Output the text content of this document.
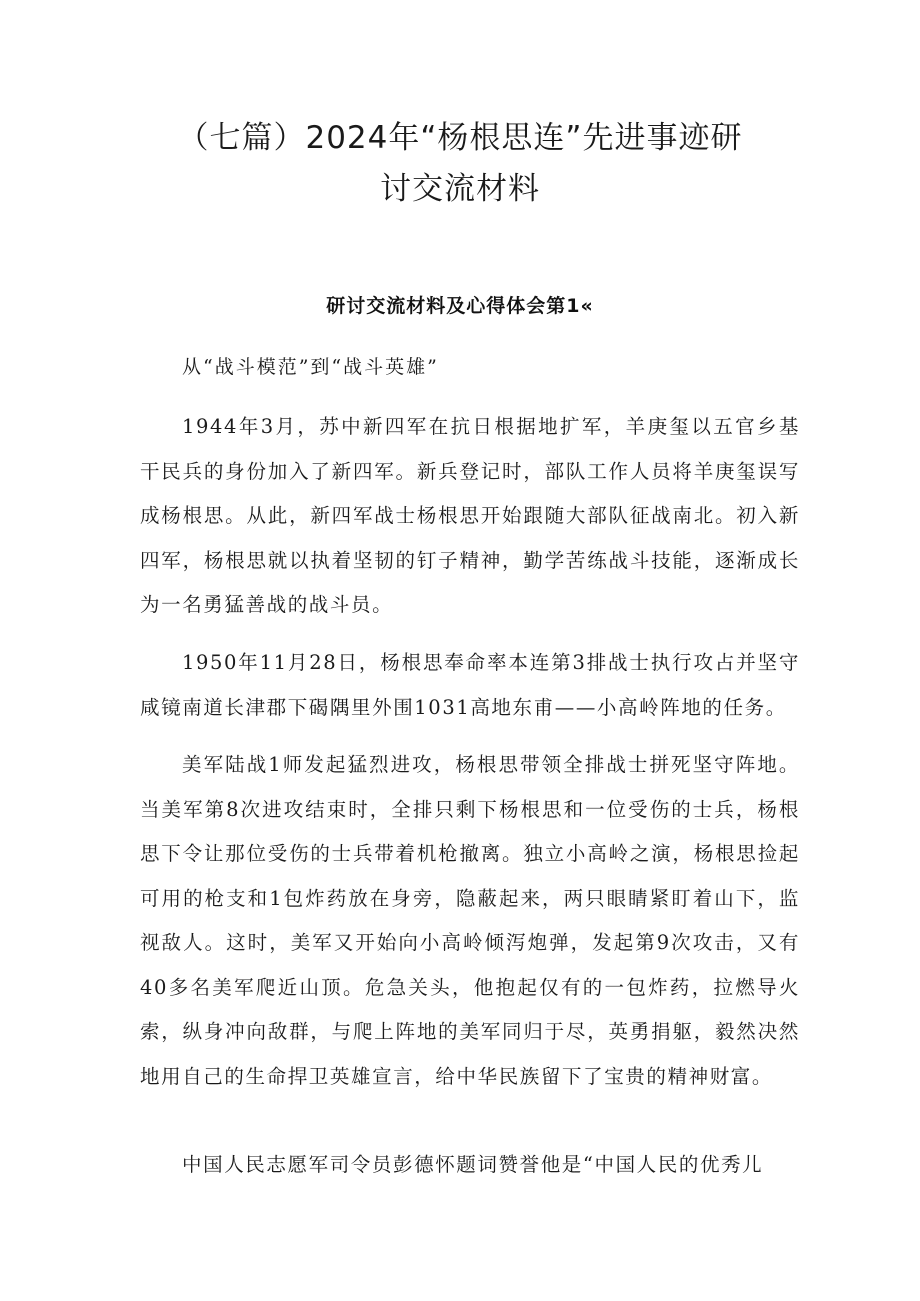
（七篇）2024年“杨根思连”先进事迹研
讨交流材料
研讨交流材料及心得体会第1«
从“战斗模范”到“战斗英雄”

1944年3月，苏中新四军在抗日根据地扩军，羊庚玺以五官乡基干民兵的身份加入了新四军。新兵登记时，部队工作人员将羊庚玺误写成杨根思。从此，新四军战士杨根思开始跟随大部队征战南北。初入新四军，杨根思就以执着坚韧的钉子精神，勤学苦练战斗技能，逐渐成长为一名勇猛善战的战斗员。

1950年11月28日，杨根思奉命率本连第3排战士执行攻占并坚守咸镜南道长津郡下碣隅里外围1031高地东甫——小高岭阵地的任务。

美军陆战1师发起猛烈进攻，杨根思带领全排战士拼死坚守阵地。当美军第8次进攻结束时，全排只剩下杨根思和一位受伤的士兵，杨根思下令让那位受伤的士兵带着机枪撤离。独立小高岭之演，杨根思捡起可用的枪支和1包炸药放在身旁，隐蔽起来，两只眼睛紧盯着山下，监视敌人。这时，美军又开始向小高岭倾泻炮弹，发起第9次攻击，又有40多名美军爬近山顶。危急关头，他抱起仅有的一包炸药，拉燃导火索，纵身冲向敌群，与爬上阵地的美军同归于尽，英勇捐躯，毅然决然地用自己的生命捍卫英雄宣言，给中华民族留下了宝贵的精神财富。

中国人民志愿军司令员彭德怀题词赞誉他是“中国人民的优秀儿
